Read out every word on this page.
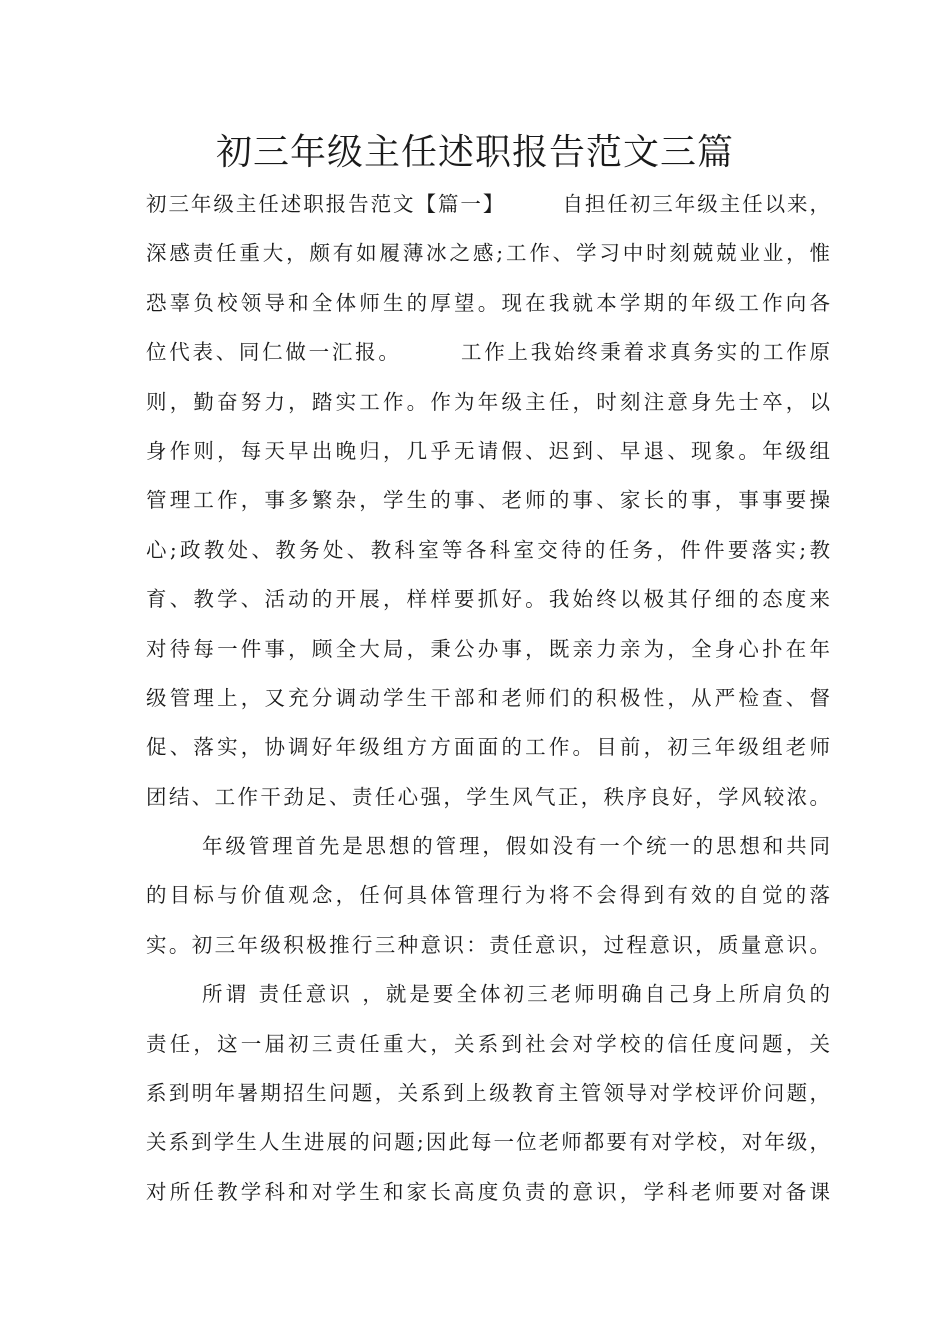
初三年级主任述职报告范文三篇
初三年级主任述职报告范文【篇一】　　　自担任初三年级主任以来，
深感责任重大，颇有如履薄冰之感;工作、学习中时刻兢兢业业，惟
恐辜负校领导和全体师生的厚望。现在我就本学期的年级工作向各
位代表、同仁做一汇报。　　　工作上我始终秉着求真务实的工作原
则，勤奋努力，踏实工作。作为年级主任，时刻注意身先士卒，以
身作则，每天早出晚归，几乎无请假、迟到、早退、现象。年级组
管理工作，事多繁杂，学生的事、老师的事、家长的事，事事要操
心;政教处、教务处、教科室等各科室交待的任务，件件要落实;教
育、教学、活动的开展，样样要抓好。我始终以极其仔细的态度来
对待每一件事，顾全大局，秉公办事，既亲力亲为，全身心扑在年
级管理上，又充分调动学生干部和老师们的积极性，从严检查、督
促、落实，协调好年级组方方面面的工作。目前，初三年级组老师
团结、工作干劲足、责任心强，学生风气正，秩序良好，学风较浓。
年级管理首先是思想的管理，假如没有一个统一的思想和共同
的目标与价值观念，任何具体管理行为将不会得到有效的自觉的落
实。初三年级积极推行三种意识：责任意识，过程意识，质量意识。
所谓 责任意识 ，就是要全体初三老师明确自己身上所肩负的
责任，这一届初三责任重大，关系到社会对学校的信任度问题，关
系到明年暑期招生问题，关系到上级教育主管领导对学校评价问题，
关系到学生人生进展的问题;因此每一位老师都要有对学校，对年级，
对所任教学科和对学生和家长高度负责的意识，学科老师要对备课
